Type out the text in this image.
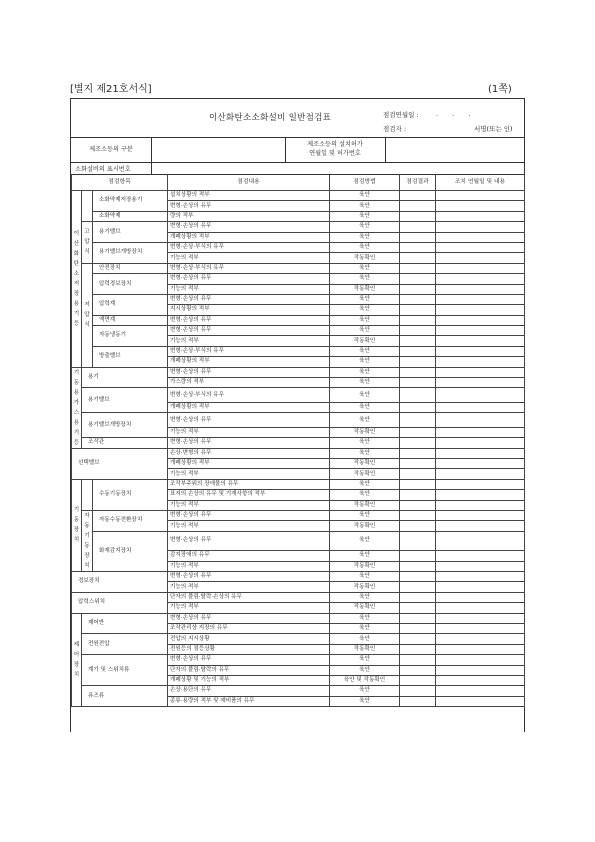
[별지 제21호서식]	(1쪽)
이산화탄소소화설비 일반점검표	점검연월일 :	. . .
점검자 :	서명(또는 인)
제조소등의 구분
제조소등의 설치허가
연월일 및 허가번호
소화설비의 표시번호
점검항목			점검내용	점검방법	점검결과	조치 연월일 및 내용
이산화탄소저장용기 등		소화약제저장용기	설치상황의 적부	육안		
			변형·손상의 유무	육안		
		소화약제	량의 적부	육안		
	고압식	용기밸브	변형·손상의 유무	육안		
			개폐상황의 적부	육안		
		용기밸브개방장치	변형·손상·부식의 유무	육안		
			기능의 적부	작동확인		
	저압식	안전장치	변형·손상·부식의 유무	육안		
		압력경보장치	변형·손상의 유무	육안		
			기능의 적부	작동확인		
		압력계	변형·손상의 유무	육안		
			지시상황의 적부	육안		
		액면계	변형·손상의 유무	육안		
		자동냉동기	변형·손상의 유무	육안		
			기능의 적부	작동확인		
		방출밸브	변형·손상·부식의 유무	육안		
			개폐상황의 적부	육안		
기동용가스용기 등	용기		변형·손상의 유무	육안		
			가스량의 적부	육안		
	용기밸브		변형·손상·부식의 유무	육안		
			개폐상황의 적부	육안		
	용기밸브개방장치		변형·손상의 유무	육안		
			기능의 적부	작동확인		
	조작관		변형·손상의 유무	육안		
선택밸브			손상·변형의 유무	육안		
			개폐상황의 적부	작동확인		
			기능의 적부	작동확인		
기동장치		수동기동장치	조작부주위의 장애물의 유무	육안		
			표지의 손상의 유무 및 기재사항의 적부	육안		
			기능의 적부	작동확인		
	자동기동장치	자동수동전환장치	변형·손상의 유무	육안		
			기능의 적부	작동확인		
		화재감지장치	변형·손상의 유무	육안		
			감지장애의 유무	육안		
			기능의 적부	작동확인		
경보장치			변형·손상의 유무	육안		
			기능의 적부	작동확인		
압력스위치			단자의 풀림·탈락·손상의 유무	육안		
			기능의 적부	작동확인		
제어장치	제어반		변형·손상의 유무	육안		
			조작관리상 지장의 유무	육안		
	전원전압		전압의 지시상황	육안		
			전원등의 점등상황	작동확인		
	계기 및 스위치류		변형·손상의 유무	육안		
			단자의 풀림·탈락의 유무	육안		
			개폐상황 및 기능의 적부	육안 및 작동확인		
	퓨즈류		손상·용단의 유무	육안		
			종류·용량의 적부 및 예비품의 유무	육안		
